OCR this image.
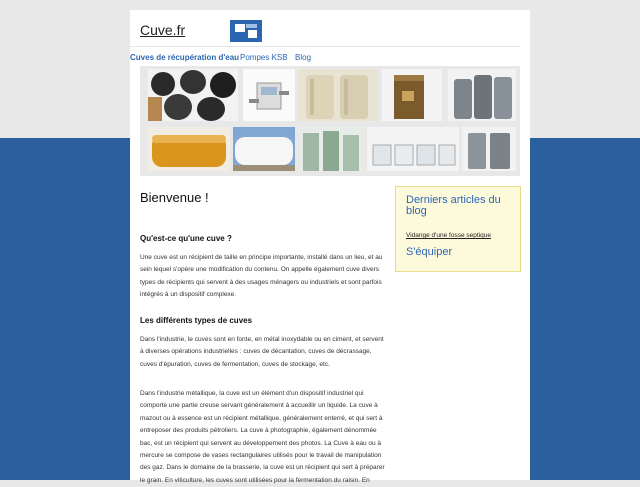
Cuve.fr
Cuves de récupération d'eau Pompes KSB Blog
Bienvenue !
Qu'est-ce qu'une cuve ?
Une cuve est un récipient de taille en principe importante, installé dans un lieu, et au sein lequel s'opère une modification du contenu. On appelle également cuve divers types de récipients qui servent à des usages ménagers ou industriels et sont parfois intégrés à un dispositif complexe.
Les différents types de cuves
Dans l'industrie, le cuves sont en fonte, en métal inoxydable ou en ciment, et servent à diverses opérations industrielles : cuves de décantation, cuves de décrassage, cuves d'épuration, cuves de fermentation, cuves de stockage, etc.
Dans l'industrie métallique, la cuve est un élément d'un dispositif industriel qui comporte une partie creuse servant généralement à accueillir un liquide. La cuve à mazout ou à essence est un récipient métallique, généralement enterré, et qui sert à entreposer des produits pétroliers. La cuve à photographie, également dénommée bac, est un récipient qui servent au développement des photos. La Cuve à eau ou à mercure se compose de vases rectangulaires utilisés pour le travail de manipulation des gaz. Dans le domaine de la brasserie, la cuve est un récipient qui sert à préparer le grain. En viticulture, les cuves sont utilisées pour la fermentation du raisin. En
Derniers articles du blog
Vidange d'une fosse septique
S'équiper
